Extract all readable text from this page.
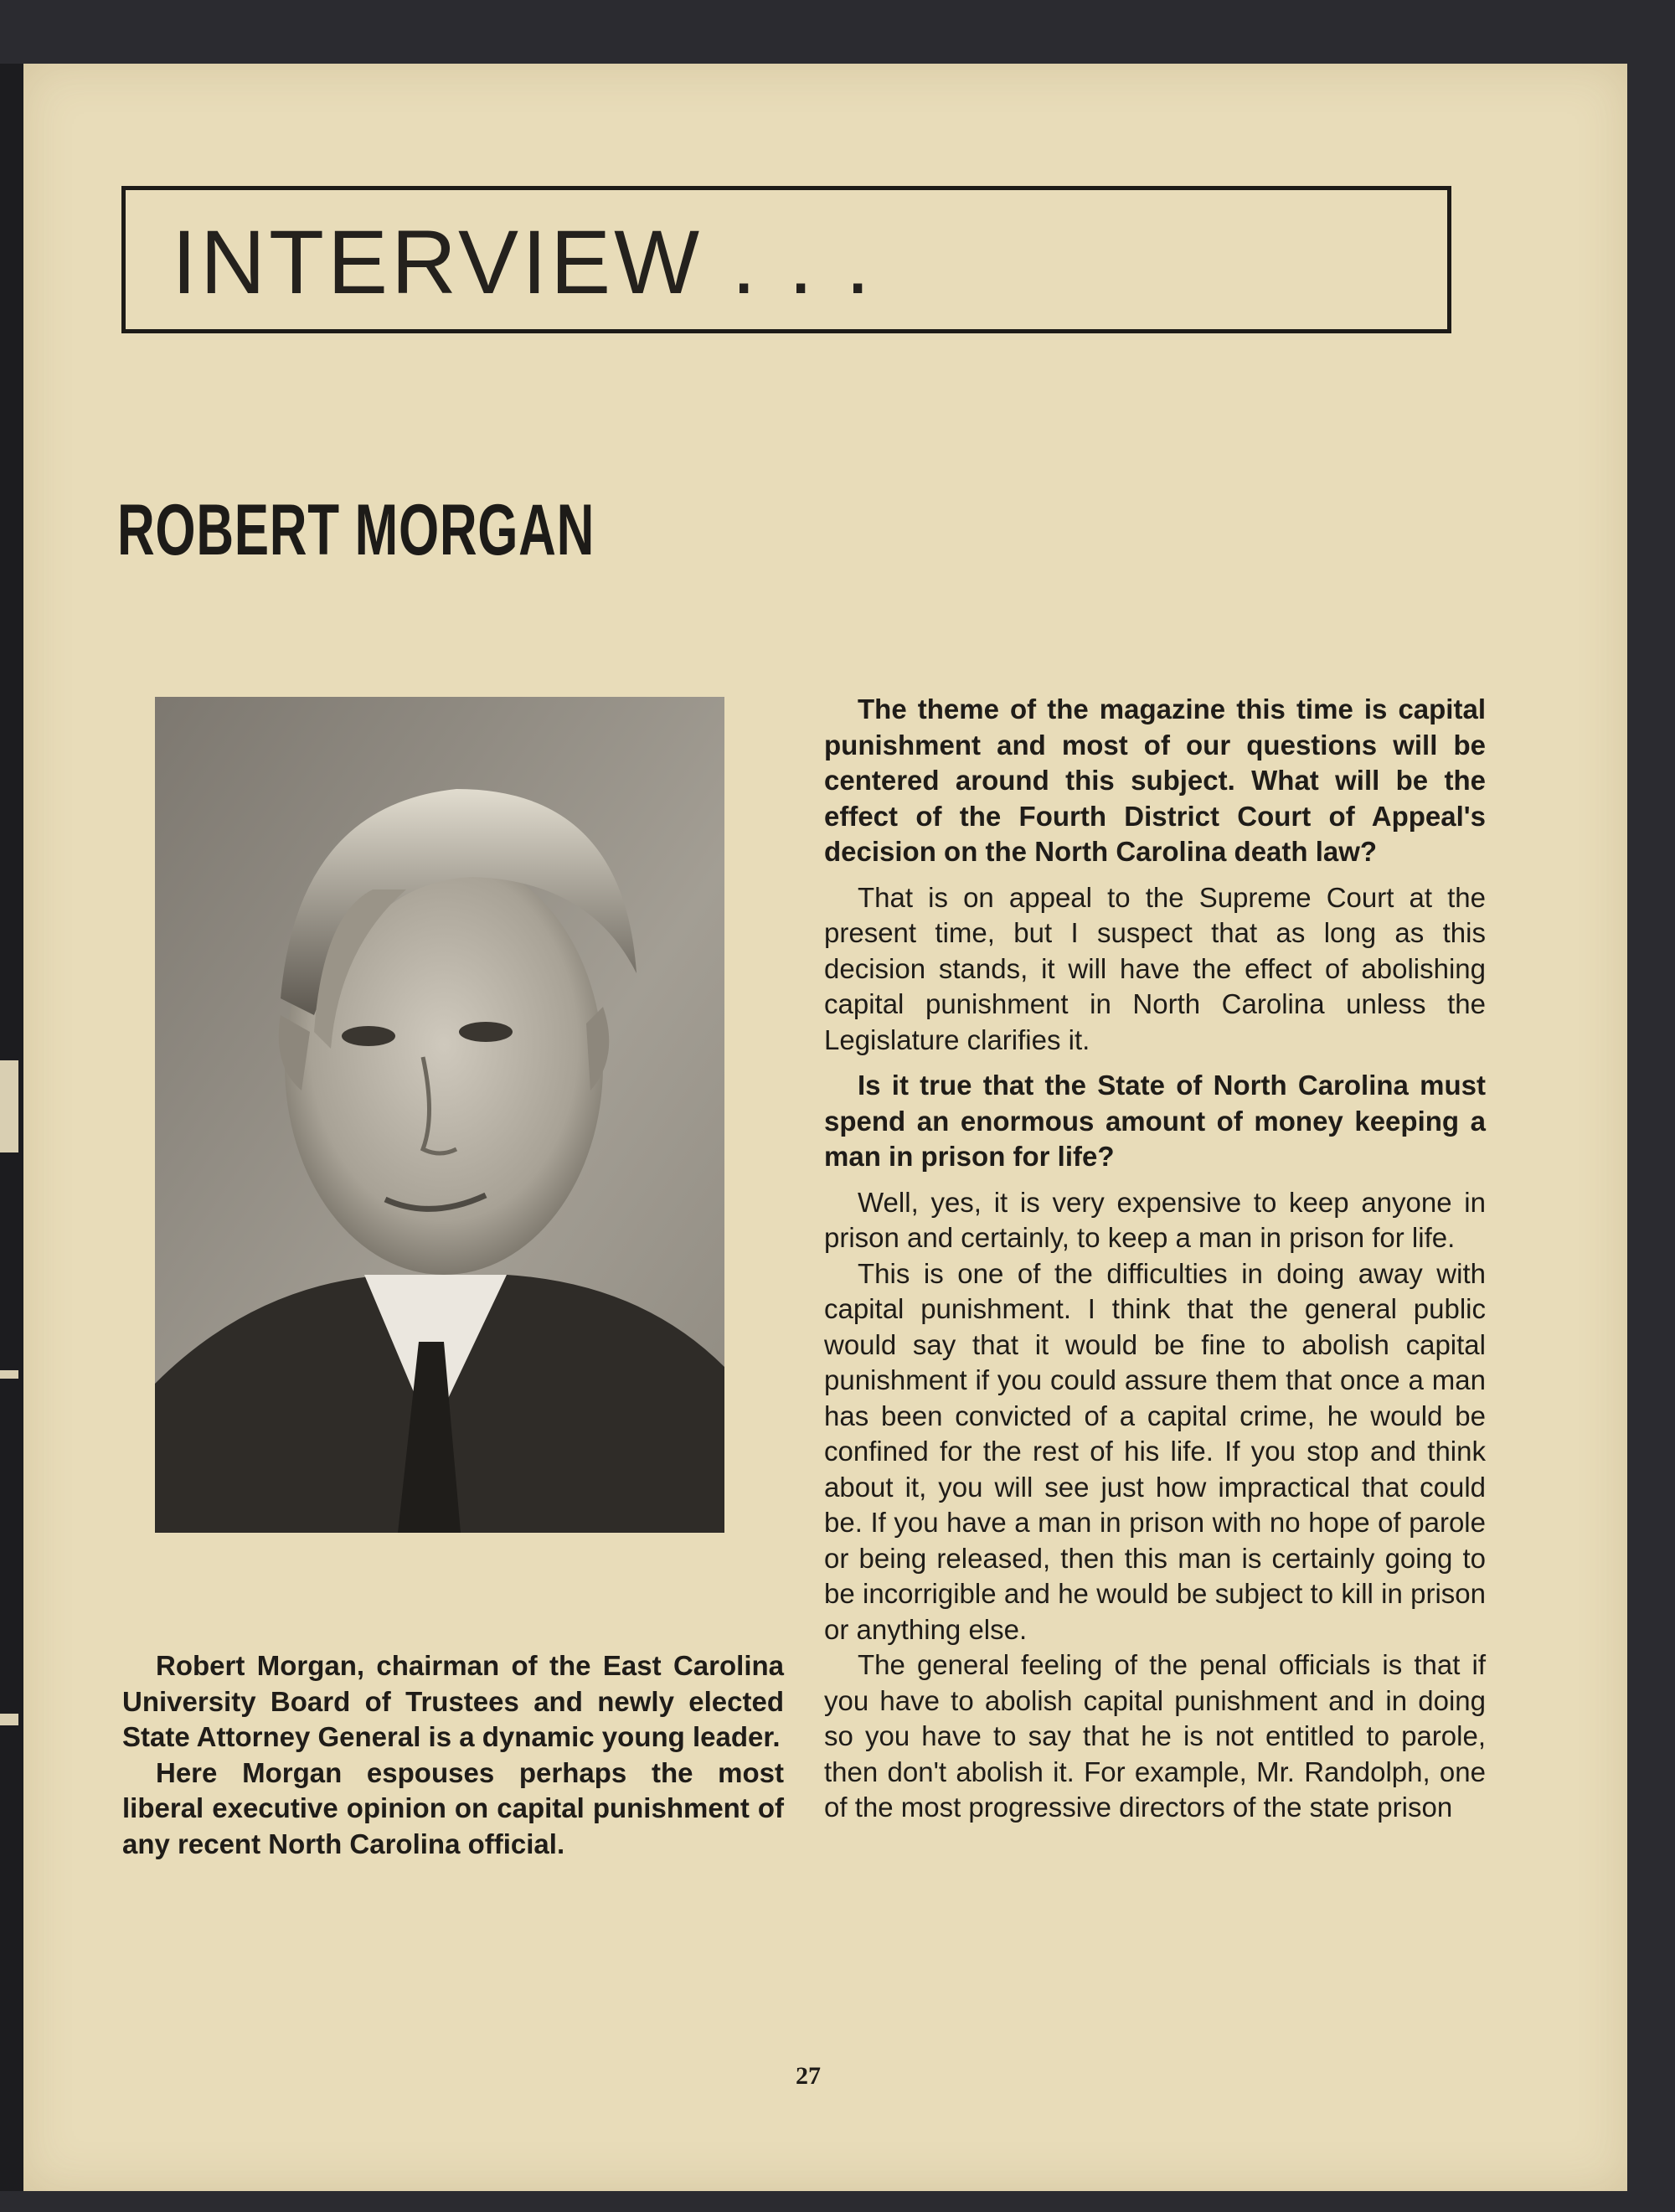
INTERVIEW . . .
ROBERT MORGAN

Robert Morgan, chairman of the East Carolina University Board of Trustees and newly elected State Attorney General is a dynamic young leader.

Here Morgan espouses perhaps the most liberal executive opinion on capital punishment of any recent North Carolina official.

The theme of the magazine this time is capital punishment and most of our questions will be centered around this subject. What will be the effect of the Fourth District Court of Appeal's decision on the North Carolina death law?

That is on appeal to the Supreme Court at the present time, but I suspect that as long as this decision stands, it will have the effect of abolishing capital punishment in North Carolina unless the Legislature clarifies it.

Is it true that the State of North Carolina must spend an enormous amount of money keeping a man in prison for life?

Well, yes, it is very expensive to keep anyone in prison and certainly, to keep a man in prison for life.

This is one of the difficulties in doing away with capital punishment. I think that the general public would say that it would be fine to abolish capital punishment if you could assure them that once a man has been convicted of a capital crime, he would be confined for the rest of his life. If you stop and think about it, you will see just how impractical that could be. If you have a man in prison with no hope of parole or being released, then this man is certainly going to be incorrigible and he would be subject to kill in prison or anything else.

The general feeling of the penal officials is that if you have to abolish capital punishment and in doing so you have to say that he is not entitled to parole, then don't abolish it. For example, Mr. Randolph, one of the most progressive directors of the state prison

27
